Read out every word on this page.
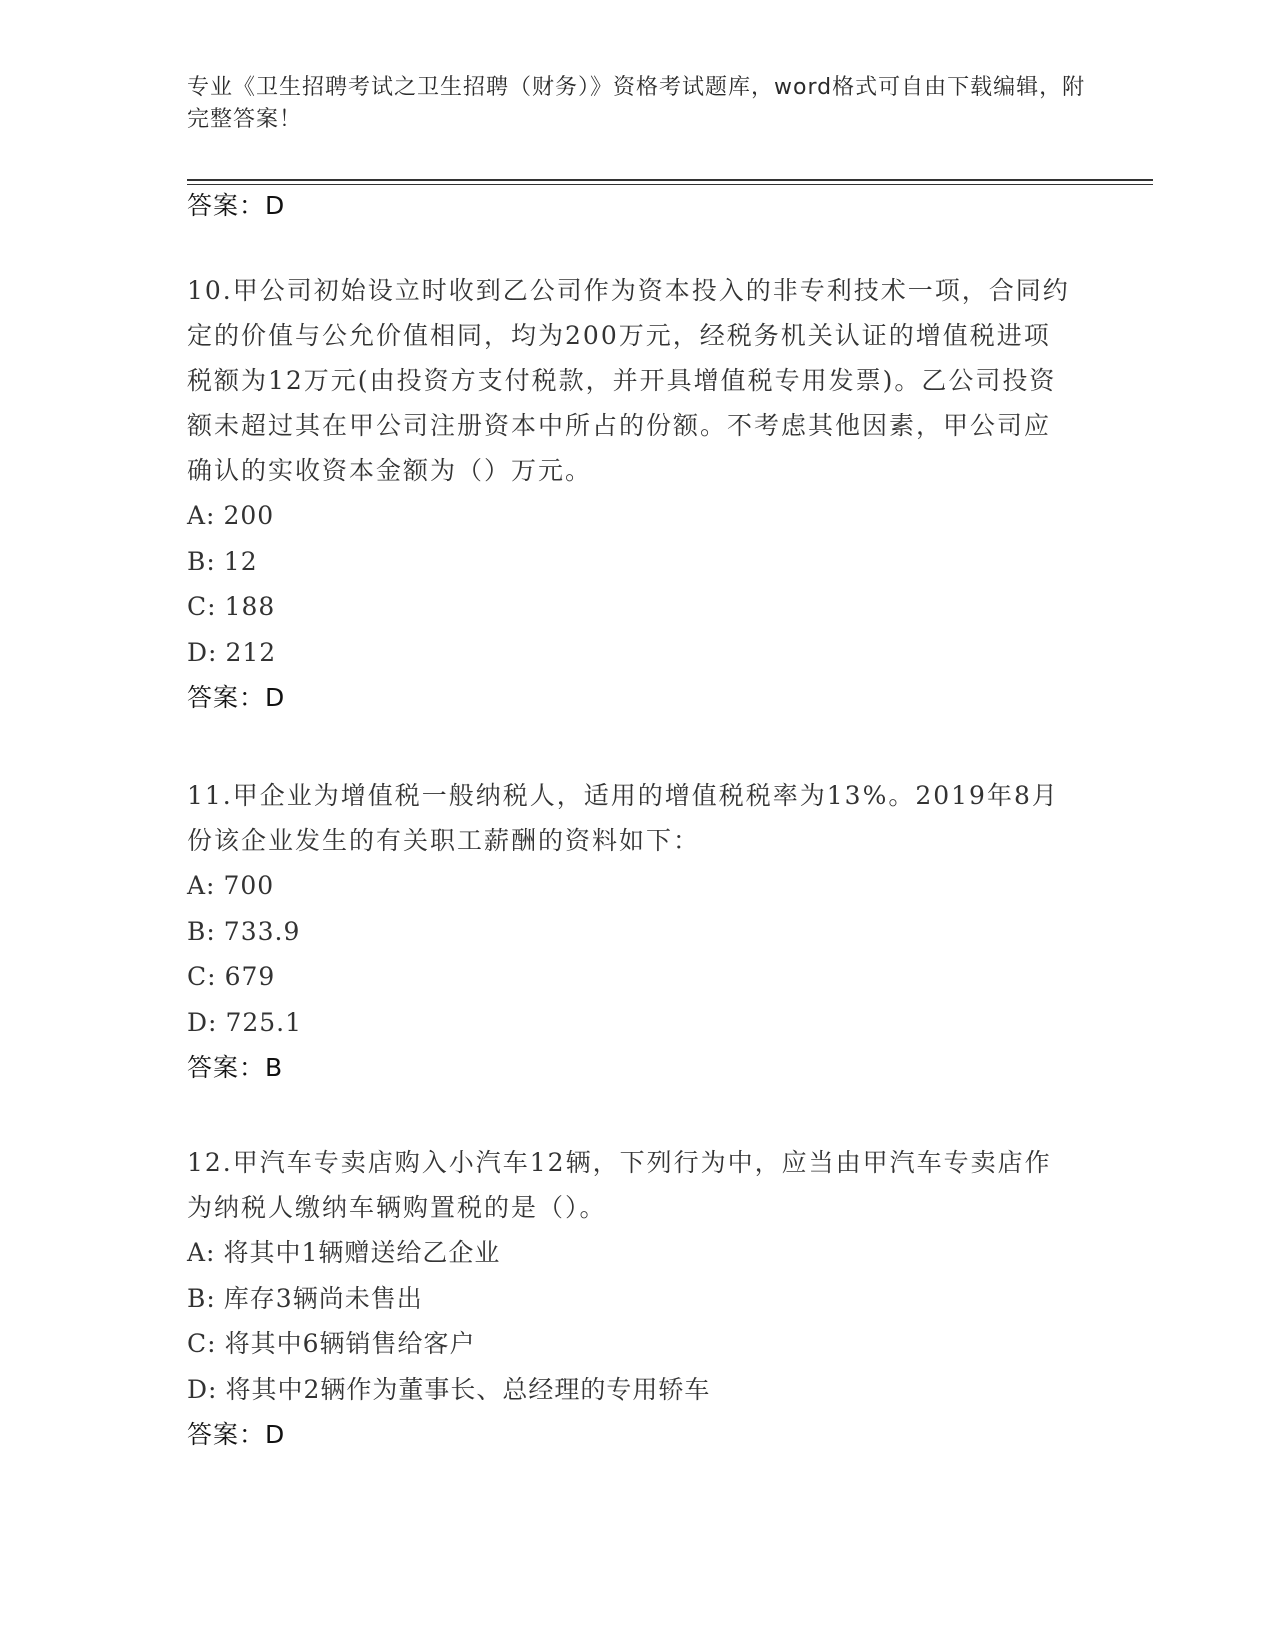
专业《卫生招聘考试之卫生招聘（财务）》资格考试题库，word格式可自由下载编辑，附完整答案！
答案：D

10.甲公司初始设立时收到乙公司作为资本投入的非专利技术一项，合同约定的价值与公允价值相同，均为200万元，经税务机关认证的增值税进项税额为12万元(由投资方支付税款，并开具增值税专用发票)。乙公司投资额未超过其在甲公司注册资本中所占的份额。不考虑其他因素，甲公司应确认的实收资本金额为（）万元。

A: 200

B: 12

C: 188

D: 212

答案：D

11.甲企业为增值税一般纳税人，适用的增值税税率为13%。2019年8月份该企业发生的有关职工薪酬的资料如下：

A: 700

B: 733.9

C: 679

D: 725.1

答案：B

12.甲汽车专卖店购入小汽车12辆，下列行为中，应当由甲汽车专卖店作为纳税人缴纳车辆购置税的是（）。

A: 将其中1辆赠送给乙企业

B: 库存3辆尚未售出

C: 将其中6辆销售给客户

D: 将其中2辆作为董事长、总经理的专用轿车

答案：D
